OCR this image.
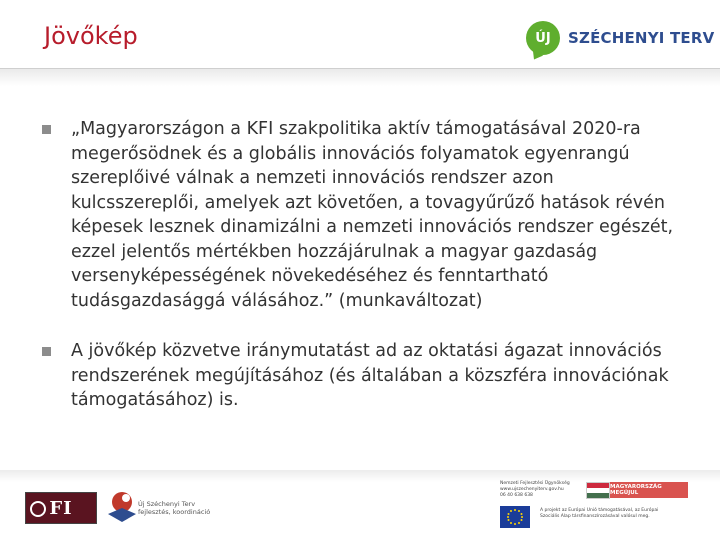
Jövőkép	ÚJ	SZÉCHENYI TERV
„Magyarországon a KFI szakpolitika aktív támogatásával 2020-ra megerősödnek és a globális innovációs folyamatok egyenrangú szereplőivé válnak a nemzeti innovációs rendszer azon kulcsszereplői, amelyek azt követően, a tovagyűrűző hatások révén képesek lesznek dinamizálni a nemzeti innovációs rendszer egészét, ezzel jelentős mértékben hozzájárulnak a magyar gazdaság versenyképességének növekedéséhez és fenntartható tudásgazdasággá válásához.” (munkaváltozat)
A jövőkép közvetve iránymutatást ad az oktatási ágazat innovációs rendszerének megújításához (és általában a közszféra innovációnak támogatásához) is.
FI	Új Széchenyi Terv
fejlesztés, koordináció
Nemzeti Fejlesztési Ügynökség
www.ujszechenyiterv.gov.hu
06 40 638 638
MAGYARORSZÁG MEGÚJUL
A projekt az Európai Unió támogatásával, az Európai
Szociális Alap társfinanszírozásával valósul meg.
